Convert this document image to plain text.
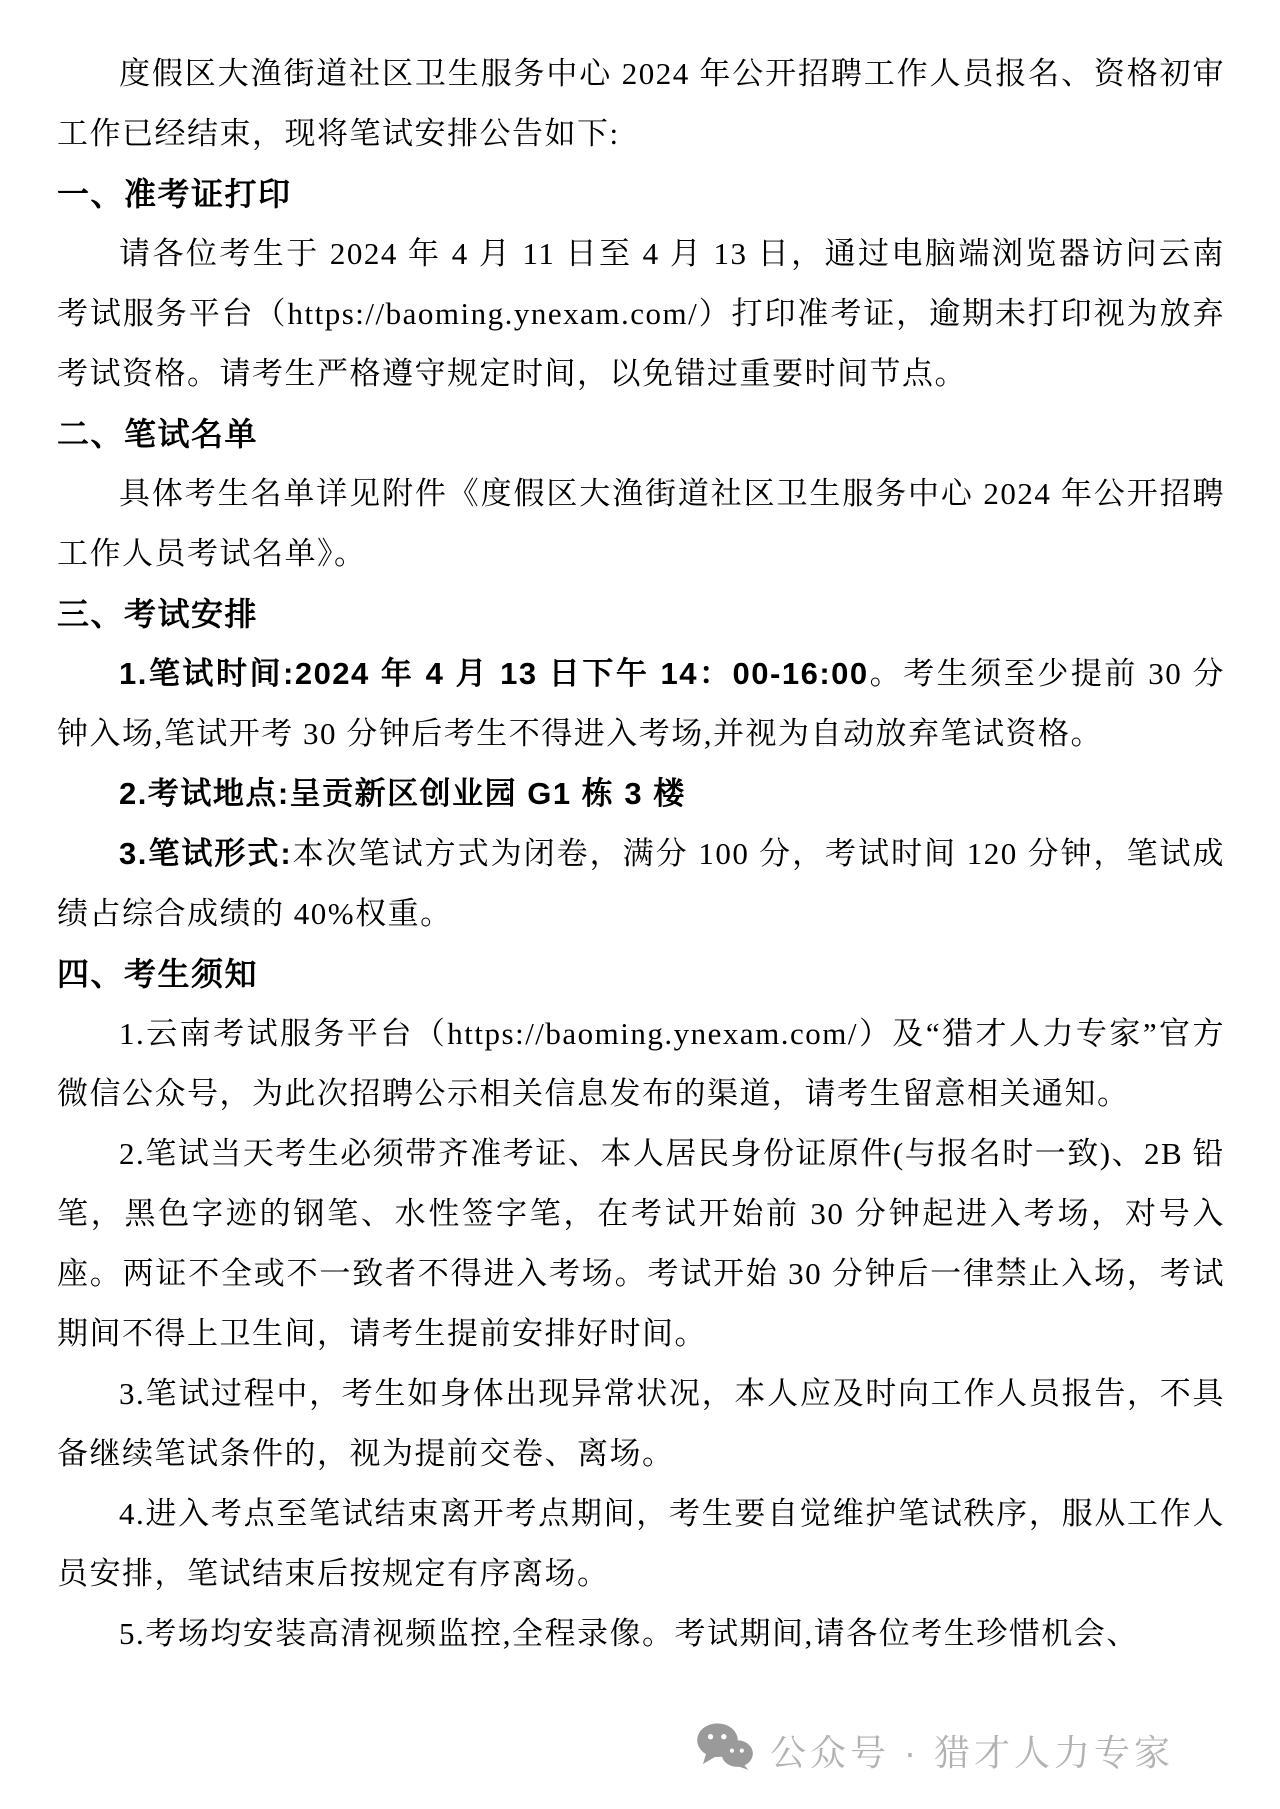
度假区大渔街道社区卫生服务中心 2024 年公开招聘工作人员报名、资格初审工作已经结束，现将笔试安排公告如下:

一、准考证打印

请各位考生于 2024 年 4 月 11 日至 4 月 13 日，通过电脑端浏览器访问云南考试服务平台（https://baoming.ynexam.com/）打印准考证，逾期未打印视为放弃考试资格。请考生严格遵守规定时间，以免错过重要时间节点。

二、笔试名单

具体考生名单详见附件《度假区大渔街道社区卫生服务中心 2024 年公开招聘工作人员考试名单》。

三、考试安排

1.笔试时间:2024 年 4 月 13 日下午 14：00-16:00。考生须至少提前 30 分钟入场,笔试开考 30 分钟后考生不得进入考场,并视为自动放弃笔试资格。

2.考试地点:呈贡新区创业园 G1 栋 3 楼

3.笔试形式:本次笔试方式为闭卷，满分 100 分，考试时间 120 分钟，笔试成绩占综合成绩的 40%权重。

四、考生须知

1.云南考试服务平台（https://baoming.ynexam.com/）及“猎才人力专家”官方微信公众号，为此次招聘公示相关信息发布的渠道，请考生留意相关通知。

2.笔试当天考生必须带齐准考证、本人居民身份证原件(与报名时一致)、2B 铅笔，黑色字迹的钢笔、水性签字笔，在考试开始前 30 分钟起进入考场，对号入座。两证不全或不一致者不得进入考场。考试开始 30 分钟后一律禁止入场，考试期间不得上卫生间，请考生提前安排好时间。

3.笔试过程中，考生如身体出现异常状况，本人应及时向工作人员报告，不具备继续笔试条件的，视为提前交卷、离场。

4.进入考点至笔试结束离开考点期间，考生要自觉维护笔试秩序，服从工作人员安排，笔试结束后按规定有序离场。

5.考场均安装高清视频监控,全程录像。考试期间,请各位考生珍惜机会、

公众号 · 猎才人力专家
